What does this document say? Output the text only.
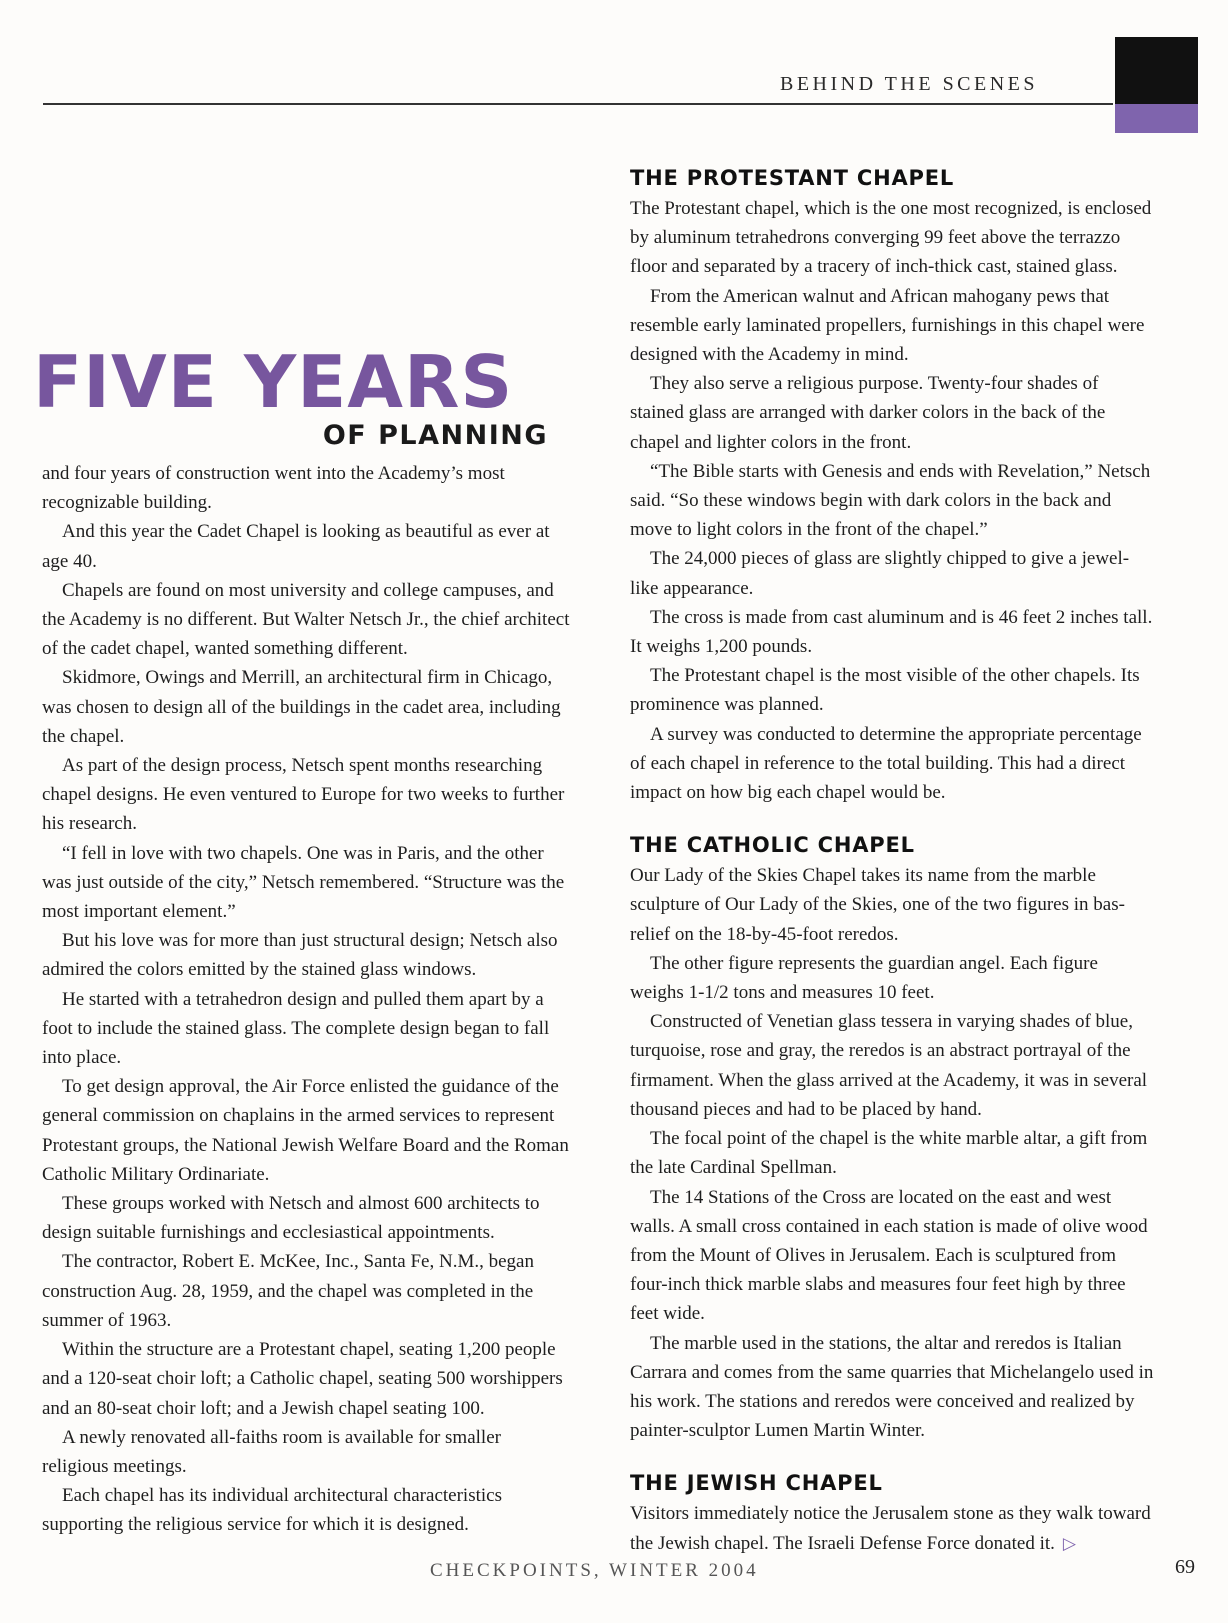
BEHIND THE SCENES
FIVE YEARS
OF PLANNING

and four years of construction went into the Academy’s most recognizable building.

And this year the Cadet Chapel is looking as beautiful as ever at age 40.

Chapels are found on most university and college campuses, and the Academy is no different. But Walter Netsch Jr., the chief architect of the cadet chapel, wanted something different.

Skidmore, Owings and Merrill, an architectural firm in Chicago, was chosen to design all of the buildings in the cadet area, including the chapel.

As part of the design process, Netsch spent months researching chapel designs. He even ventured to Europe for two weeks to further his research.

“I fell in love with two chapels. One was in Paris, and the other was just outside of the city,” Netsch remembered. “Structure was the most important element.”

But his love was for more than just structural design; Netsch also admired the colors emitted by the stained glass windows.

He started with a tetrahedron design and pulled them apart by a foot to include the stained glass. The complete design began to fall into place.

To get design approval, the Air Force enlisted the guidance of the general commission on chaplains in the armed services to represent Protestant groups, the National Jewish Welfare Board and the Roman Catholic Military Ordinariate.

These groups worked with Netsch and almost 600 architects to design suitable furnishings and ecclesiastical appointments.

The contractor, Robert E. McKee, Inc., Santa Fe, N.M., began construction Aug. 28, 1959, and the chapel was completed in the summer of 1963.

Within the structure are a Protestant chapel, seating 1,200 people and a 120-seat choir loft; a Catholic chapel, seating 500 worshippers and an 80-seat choir loft; and a Jewish chapel seating 100.

A newly renovated all-faiths room is available for smaller religious meetings.

Each chapel has its individual architectural characteristics supporting the religious service for which it is designed.

THE PROTESTANT CHAPEL

The Protestant chapel, which is the one most recognized, is enclosed by aluminum tetrahedrons converging 99 feet above the terrazzo floor and separated by a tracery of inch-thick cast, stained glass.

From the American walnut and African mahogany pews that resemble early laminated propellers, furnishings in this chapel were designed with the Academy in mind.

They also serve a religious purpose. Twenty-four shades of stained glass are arranged with darker colors in the back of the chapel and lighter colors in the front.

“The Bible starts with Genesis and ends with Revelation,” Netsch said. “So these windows begin with dark colors in the back and move to light colors in the front of the chapel.”

The 24,000 pieces of glass are slightly chipped to give a jewel-like appearance.

The cross is made from cast aluminum and is 46 feet 2 inches tall. It weighs 1,200 pounds.

The Protestant chapel is the most visible of the other chapels. Its prominence was planned.

A survey was conducted to determine the appropriate percentage of each chapel in reference to the total building. This had a direct impact on how big each chapel would be.

THE CATHOLIC CHAPEL

Our Lady of the Skies Chapel takes its name from the marble sculpture of Our Lady of the Skies, one of the two figures in bas-relief on the 18-by-45-foot reredos.

The other figure represents the guardian angel. Each figure weighs 1-1/2 tons and measures 10 feet.

Constructed of Venetian glass tessera in varying shades of blue, turquoise, rose and gray, the reredos is an abstract portrayal of the firmament. When the glass arrived at the Academy, it was in several thousand pieces and had to be placed by hand.

The focal point of the chapel is the white marble altar, a gift from the late Cardinal Spellman.

The 14 Stations of the Cross are located on the east and west walls. A small cross contained in each station is made of olive wood from the Mount of Olives in Jerusalem. Each is sculptured from four-inch thick marble slabs and measures four feet high by three feet wide.

The marble used in the stations, the altar and reredos is Italian Carrara and comes from the same quarries that Michelangelo used in his work. The stations and reredos were conceived and realized by painter-sculptor Lumen Martin Winter.

THE JEWISH CHAPEL

Visitors immediately notice the Jerusalem stone as they walk toward the Jewish chapel. The Israeli Defense Force donated it. ▷

CHECKPOINTS, WINTER 2004	69
